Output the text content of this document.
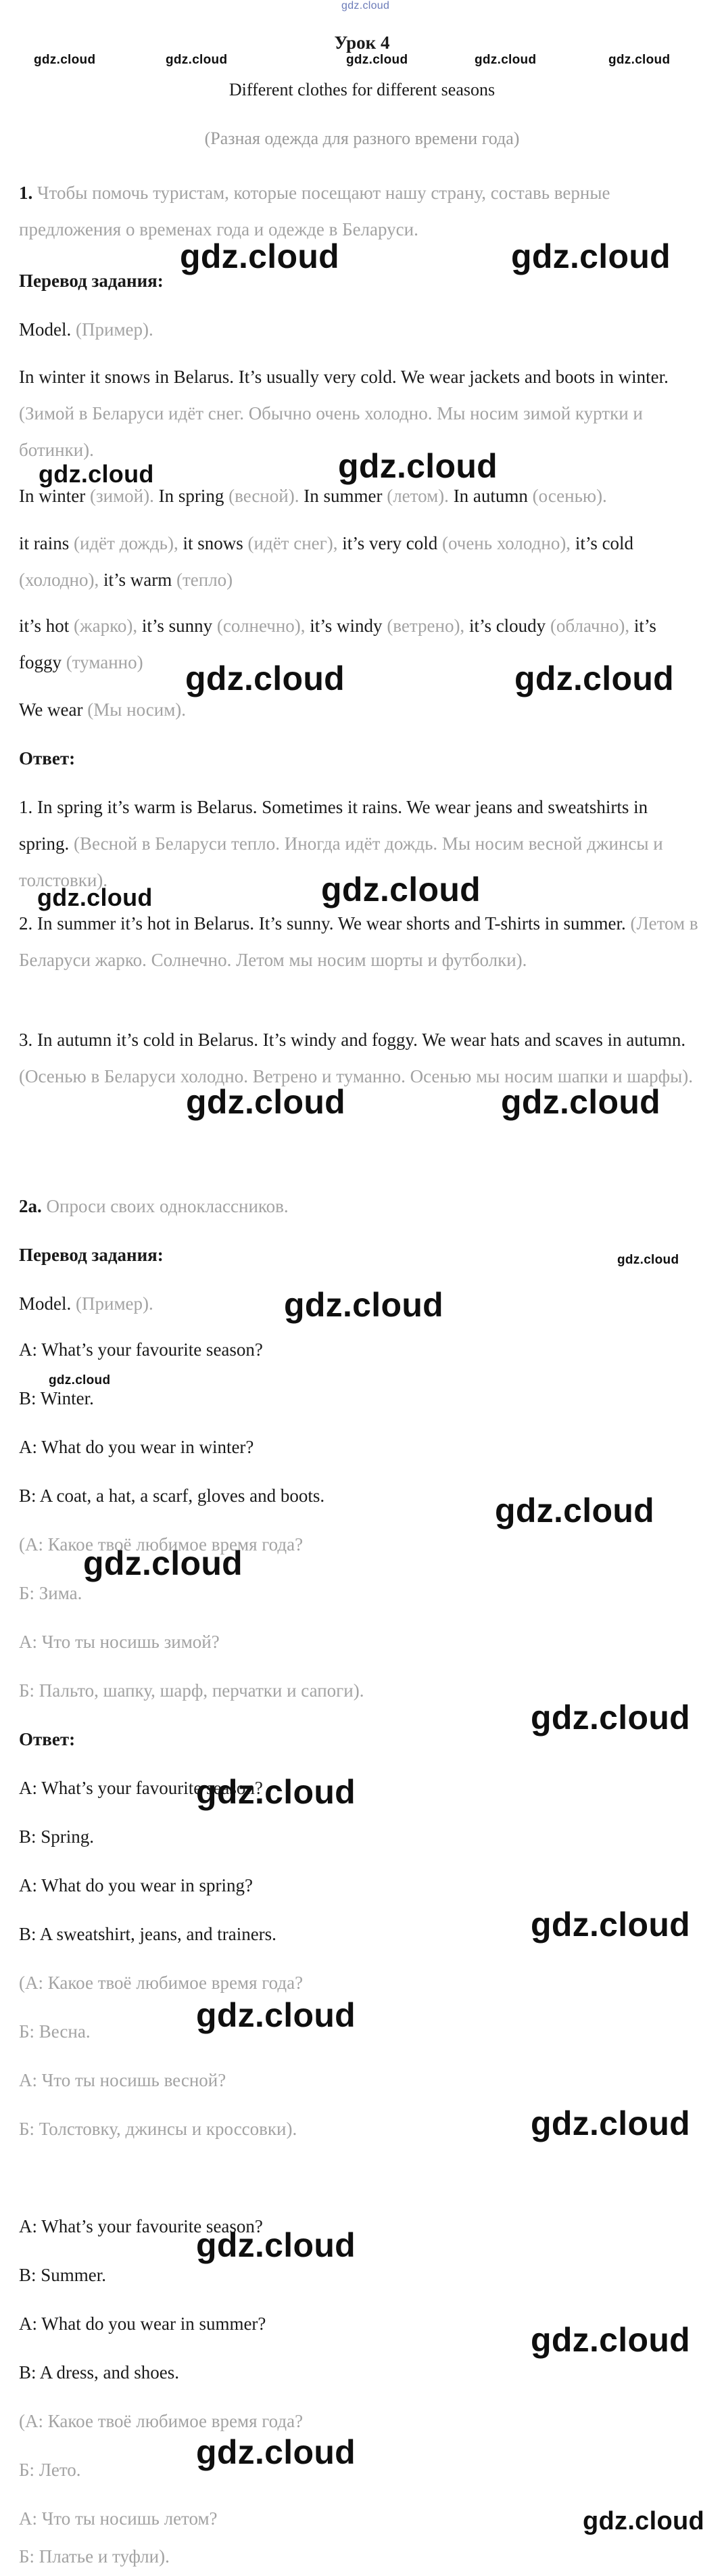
gdz.cloud
gdz.cloud	gdz.cloud	gdz.cloud	gdz.cloud	gdz.cloud
Урок 4
Different clothes for different seasons
(Разная одежда для разного времени года)
1. Чтобы помочь туристам, которые посещают нашу страну, составь верные предложения о временах года и одежде в Беларуси.
gdz.cloud	gdz.cloud
Перевод задания:
Model. (Пример).
In winter it snows in Belarus. It’s usually very cold. We wear jackets and boots in winter. (Зимой в Беларуси идёт снег. Обычно очень холодно. Мы носим зимой куртки и ботинки).	gdz.cloud
gdz.cloud
In winter (зимой). In spring (весной). In summer (летом). In autumn (осенью).
it rains (идёт дождь), it snows (идёт снег), it’s very cold (очень холодно), it’s cold (холодно), it’s warm (тепло)
it’s hot (жарко), it’s sunny (солнечно), it’s windy (ветрено), it’s cloudy (облачно), it’s foggy (туманно)	gdz.cloud	gdz.cloud
We wear (Мы носим).
Ответ:
1. In spring it’s warm is Belarus. Sometimes it rains. We wear jeans and sweatshirts in spring. (Весной в Беларуси тепло. Иногда идёт дождь. Мы носим весной джинсы и толстовки).	gdz.cloud
gdz.cloud
2. In summer it’s hot in Belarus. It’s sunny. We wear shorts and T-shirts in summer. (Летом в Беларуси жарко. Солнечно. Летом мы носим шорты и футболки).
3. In autumn it’s cold in Belarus. It’s windy and foggy. We wear hats and scaves in autumn. (Осенью в Беларуси холодно. Ветрено и туманно. Осенью мы носим шапки и шарфы).
gdz.cloud	gdz.cloud
2a. Опроси своих одноклассников.
Перевод задания:
Model. (Пример).	gdz.cloud
gdz.cloud
A: What’s your favourite season?
gdz.cloud
B: Winter.
A: What do you wear in winter?
B: A coat, a hat, a scarf, gloves and boots.	gdz.cloud
(А: Какое твоё любимое время года?
gdz.cloud
Б: Зима.
А: Что ты носишь зимой?
Б: Пальто, шапку, шарф, перчатки и сапоги).
gdz.cloud
Ответ:
A: What’s your favourite season?
gdz.cloud
B: Spring.
A: What do you wear in spring?
gdz.cloud
B: A sweatshirt, jeans, and trainers.
(А: Какое твоё любимое время года?
gdz.cloud
Б: Весна.
А: Что ты носишь весной?
gdz.cloud
Б: Толстовку, джинсы и кроссовки).
A: What’s your favourite season?
gdz.cloud
B: Summer.
A: What do you wear in summer?	gdz.cloud
B: A dress, and shoes.
(А: Какое твоё любимое время года?
gdz.cloud
Б: Лето.
А: Что ты носишь летом?	gdz.cloud
Б: Платье и туфли).
